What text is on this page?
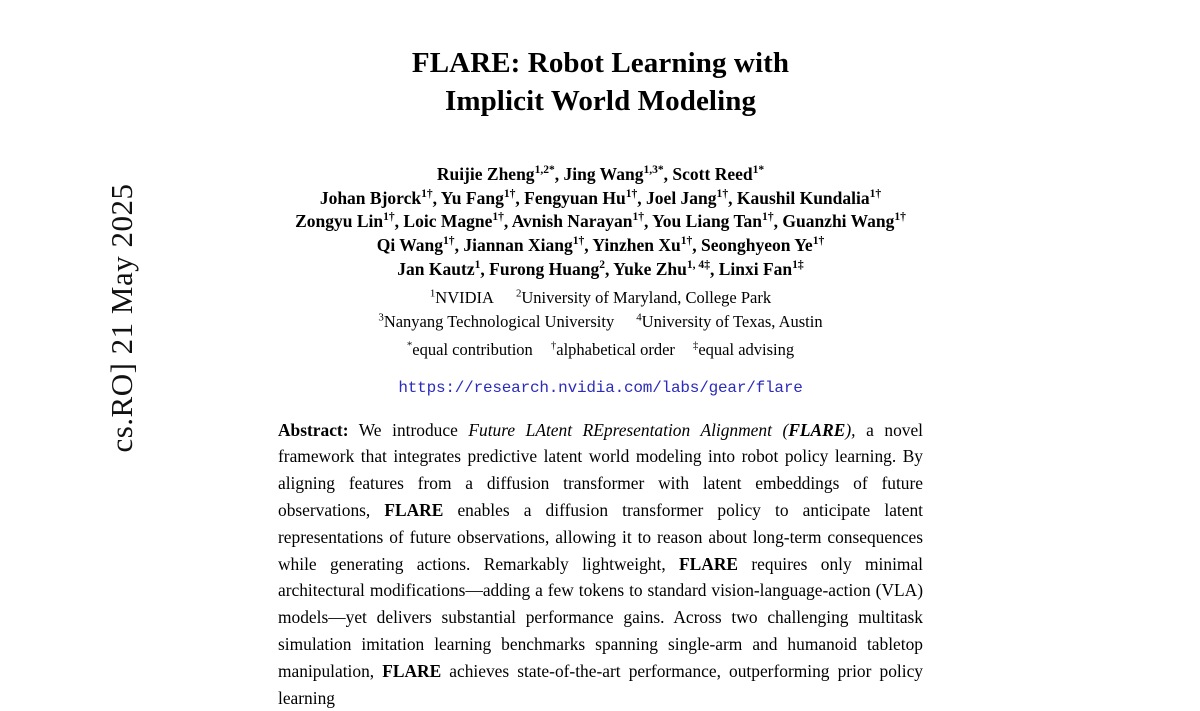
cs.RO] 21 May 2025
FLARE: Robot Learning with
Implicit World Modeling
Ruijie Zheng$^{1,2*}$, Jing Wang$^{1,3*}$, Scott Reed$^{1*}$
Johan Bjorck$^{1\dagger}$, Yu Fang$^{1\dagger}$, Fengyuan $Hu^{1\dagger}$, Joel Jang$^{1\dagger}$, Kaushil Kundalia$^{1\dagger}$
Zongyu Lin$^{1\dagger}$, Loic Magne$^{1\dagger}$, Avnish Narayan$^{1\dagger}$, You Liang Tan$^{1\dagger}$, Guanzhi Wang$^{1\dagger}$
Qi Wang$^{1\dagger}$, Jiannan Xiang$^{1\dagger}$, Yinzhen $Xu^{1\dagger}$, Seonghyeon $Ye^{1\dagger}$
Jan Kautz$^1$, Furong Huang$^2$, Yuke Zhu$^{1, 4\ddagger}$, Linxi Fan$^{1\ddagger}$
$^1$NVIDIA $^2$University of Maryland, College Park
$^3$Nanyang Technological University $^4$University of Texas, Austin
*equal contribution †alphabetical order ‡equal advising
https://research.nvidia.com/labs/gear/flare
Abstract: We introduce Future LAtent REpresentation Alignment (FLARE), a novel framework that integrates predictive latent world modeling into robot policy learning. By aligning features from a diffusion transformer with latent embeddings of future observations, FLARE enables a diffusion transformer policy to anticipate latent representations of future observations, allowing it to reason about long-term consequences while generating actions. Remarkably lightweight, FLARE requires only minimal architectural modifications—adding a few tokens to standard vision-language-action (VLA) models—yet delivers substantial performance gains. Across two challenging multitask simulation imitation learning benchmarks spanning single-arm and humanoid tabletop manipulation, FLARE achieves state-of-the-art performance, outperforming prior policy learning
